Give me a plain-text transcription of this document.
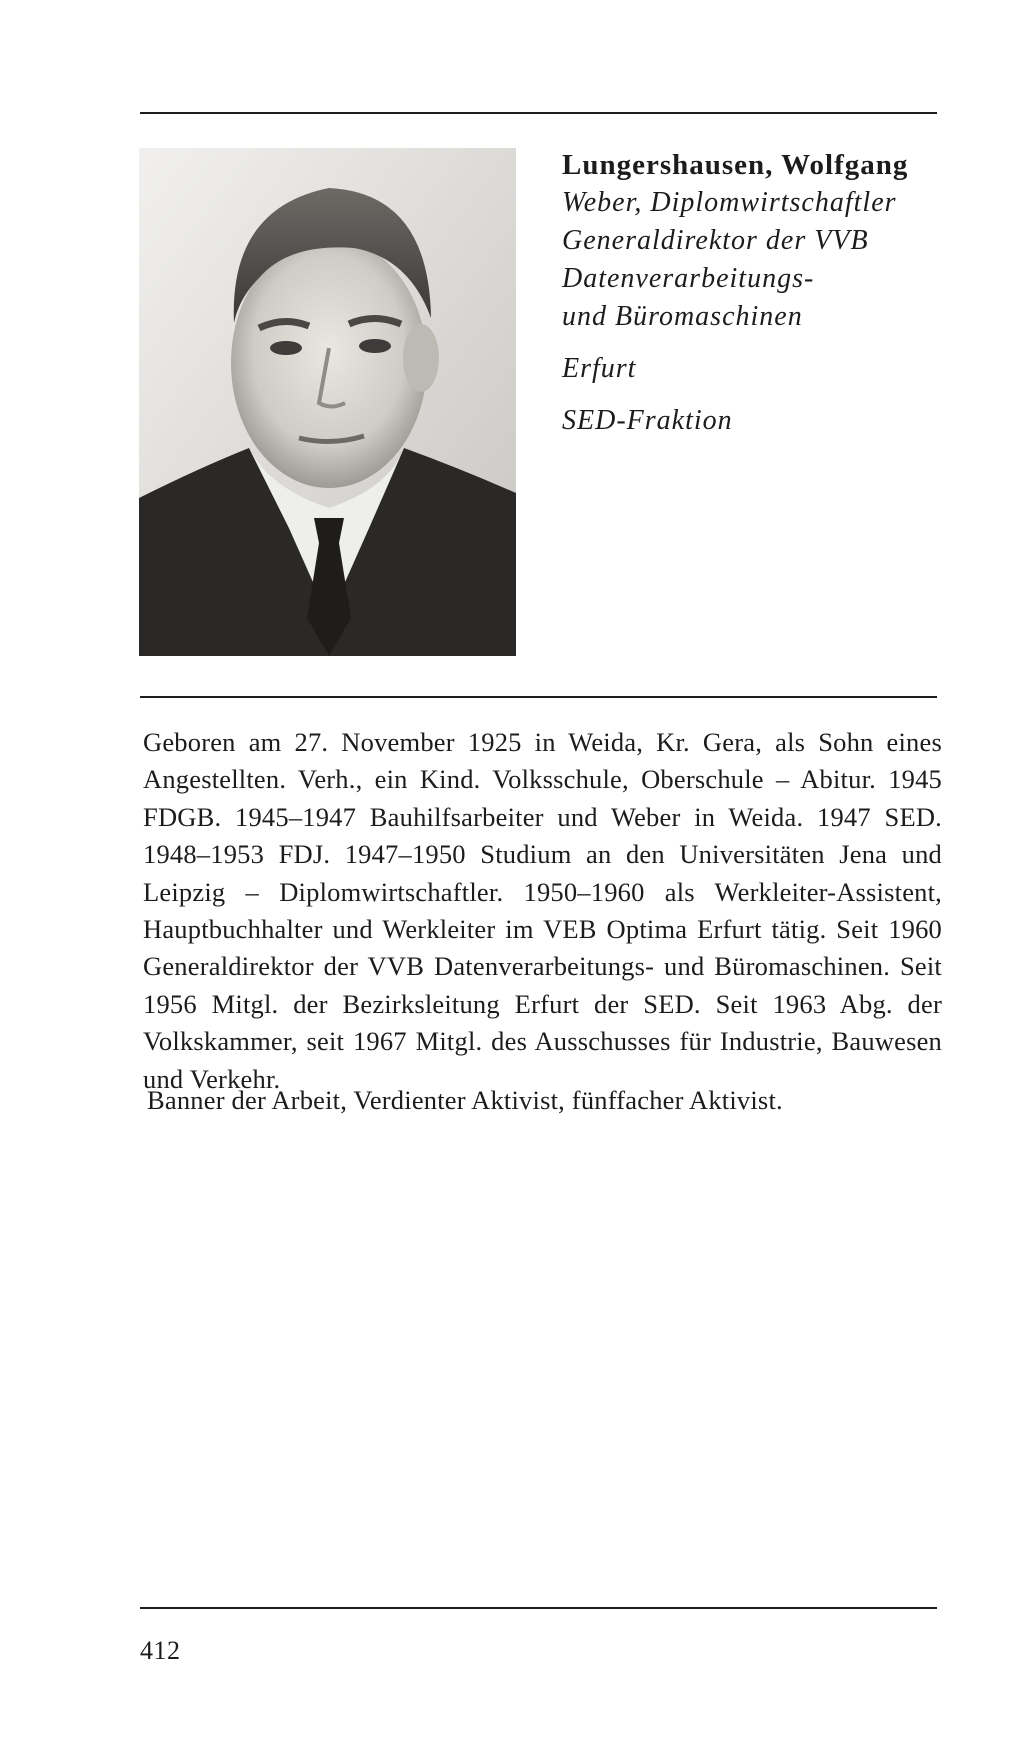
Lungershausen, Wolfgang
Weber, Diplomwirtschaftler
Generaldirektor der VVB
Datenverarbeitungs-
und Büromaschinen
Erfurt
SED-Fraktion

Geboren am 27. November 1925 in Weida, Kr. Gera, als Sohn eines Angestellten. Verh., ein Kind. Volksschule, Oberschule – Abitur. 1945 FDGB. 1945–1947 Bauhilfsarbeiter und Weber in Weida. 1947 SED. 1948–1953 FDJ. 1947–1950 Studium an den Universitäten Jena und Leipzig – Diplomwirtschaftler. 1950–1960 als Werkleiter-Assistent, Hauptbuchhalter und Werkleiter im VEB Optima Erfurt tätig. Seit 1960 Generaldirektor der VVB Datenverarbeitungs- und Büromaschinen. Seit 1956 Mitgl. der Bezirksleitung Erfurt der SED. Seit 1963 Abg. der Volkskammer, seit 1967 Mitgl. des Ausschusses für Industrie, Bauwesen und Verkehr.

Banner der Arbeit, Verdienter Aktivist, fünffacher Aktivist.
412
